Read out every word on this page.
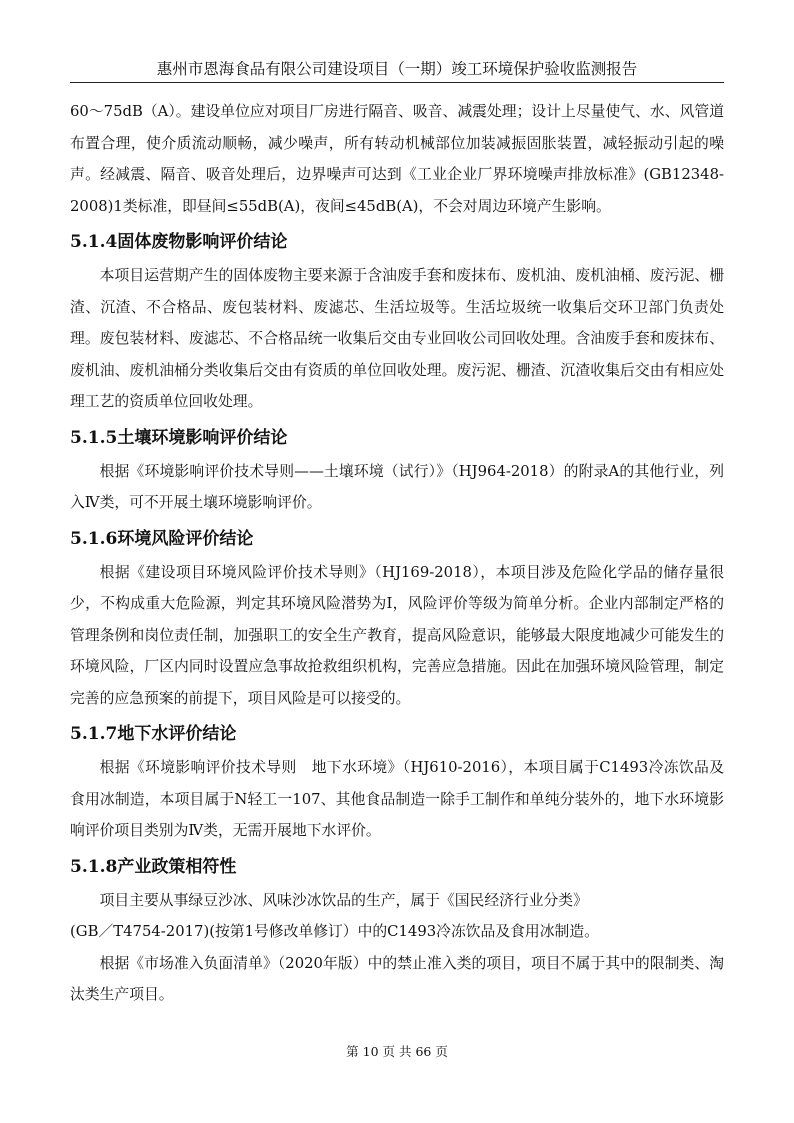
惠州市恩海食品有限公司建设项目（一期）竣工环境保护验收监测报告

60～75dB（A）。建设单位应对项目厂房进行隔音、吸音、减震处理；设计上尽量使气、水、风管道布置合理，使介质流动顺畅，减少噪声，所有转动机械部位加装减振固胀装置，减轻振动引起的噪声。经减震、隔音、吸音处理后，边界噪声可达到《工业企业厂界环境噪声排放标准》(GB12348-2008)1类标准，即昼间≤55dB(A)，夜间≤45dB(A)，不会对周边环境产生影响。

5.1.4固体废物影响评价结论

本项目运营期产生的固体废物主要来源于含油废手套和废抹布、废机油、废机油桶、废污泥、栅渣、沉渣、不合格品、废包装材料、废滤芯、生活垃圾等。生活垃圾统一收集后交环卫部门负责处理。废包装材料、废滤芯、不合格品统一收集后交由专业回收公司回收处理。含油废手套和废抹布、废机油、废机油桶分类收集后交由有资质的单位回收处理。废污泥、栅渣、沉渣收集后交由有相应处理工艺的资质单位回收处理。

5.1.5土壤环境影响评价结论

根据《环境影响评价技术导则——土壤环境（试行）》（HJ964-2018）的附录A的其他行业，列入Ⅳ类，可不开展土壤环境影响评价。

5.1.6环境风险评价结论

根据《建设项目环境风险评价技术导则》（HJ169-2018），本项目涉及危险化学品的储存量很少，不构成重大危险源，判定其环境风险潜势为Ⅰ，风险评价等级为简单分析。企业内部制定严格的管理条例和岗位责任制，加强职工的安全生产教育，提高风险意识，能够最大限度地减少可能发生的环境风险，厂区内同时设置应急事故抢救组织机构，完善应急措施。因此在加强环境风险管理，制定完善的应急预案的前提下，项目风险是可以接受的。

5.1.7地下水评价结论

根据《环境影响评价技术导则　地下水环境》（HJ610-2016），本项目属于C1493冷冻饮品及食用冰制造，本项目属于N轻工一107、其他食品制造一除手工制作和单纯分装外的，地下水环境影响评价项目类别为Ⅳ类，无需开展地下水评价。

5.1.8产业政策相符性

项目主要从事绿豆沙冰、风味沙冰饮品的生产，属于《国民经济行业分类》

(GB／T4754-2017)(按第1号修改单修订）中的C1493冷冻饮品及食用冰制造。

根据《市场准入负面清单》（2020年版）中的禁止准入类的项目，项目不属于其中的限制类、淘汰类生产项目。

第 10 页 共 66 页
